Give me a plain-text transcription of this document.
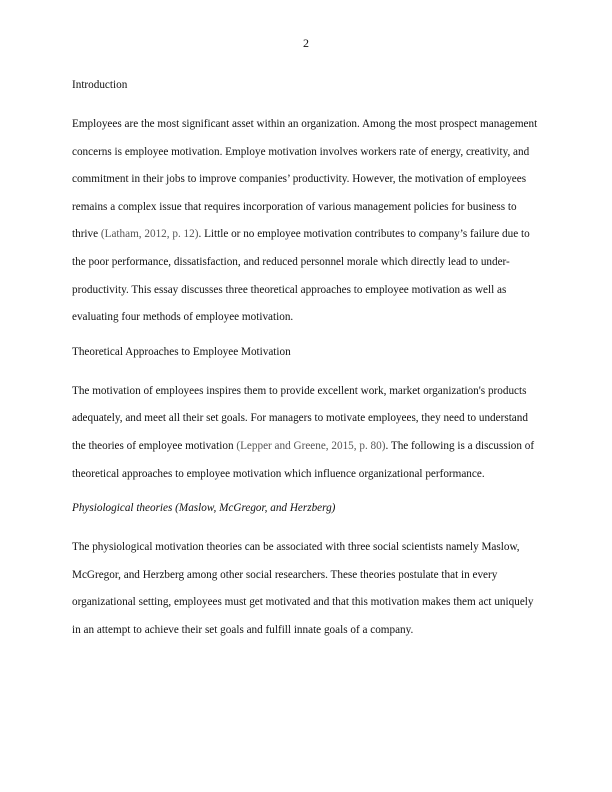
2

Introduction

Employees are the most significant asset within an organization. Among the most prospect management concerns is employee motivation. Employe motivation involves workers rate of energy, creativity, and commitment in their jobs to improve companies’ productivity. However, the motivation of employees remains a complex issue that requires incorporation of various management policies for business to thrive (Latham, 2012, p. 12). Little or no employee motivation contributes to company’s failure due to the poor performance, dissatisfaction, and reduced personnel morale which directly lead to under-productivity. This essay discusses three theoretical approaches to employee motivation as well as evaluating four methods of employee motivation.

Theoretical Approaches to Employee Motivation

The motivation of employees inspires them to provide excellent work, market organization's products adequately, and meet all their set goals. For managers to motivate employees, they need to understand the theories of employee motivation (Lepper and Greene, 2015, p. 80). The following is a discussion of theoretical approaches to employee motivation which influence organizational performance.

Physiological theories (Maslow, McGregor, and Herzberg)

The physiological motivation theories can be associated with three social scientists namely Maslow, McGregor, and Herzberg among other social researchers. These theories postulate that in every organizational setting, employees must get motivated and that this motivation makes them act uniquely in an attempt to achieve their set goals and fulfill innate goals of a company.
